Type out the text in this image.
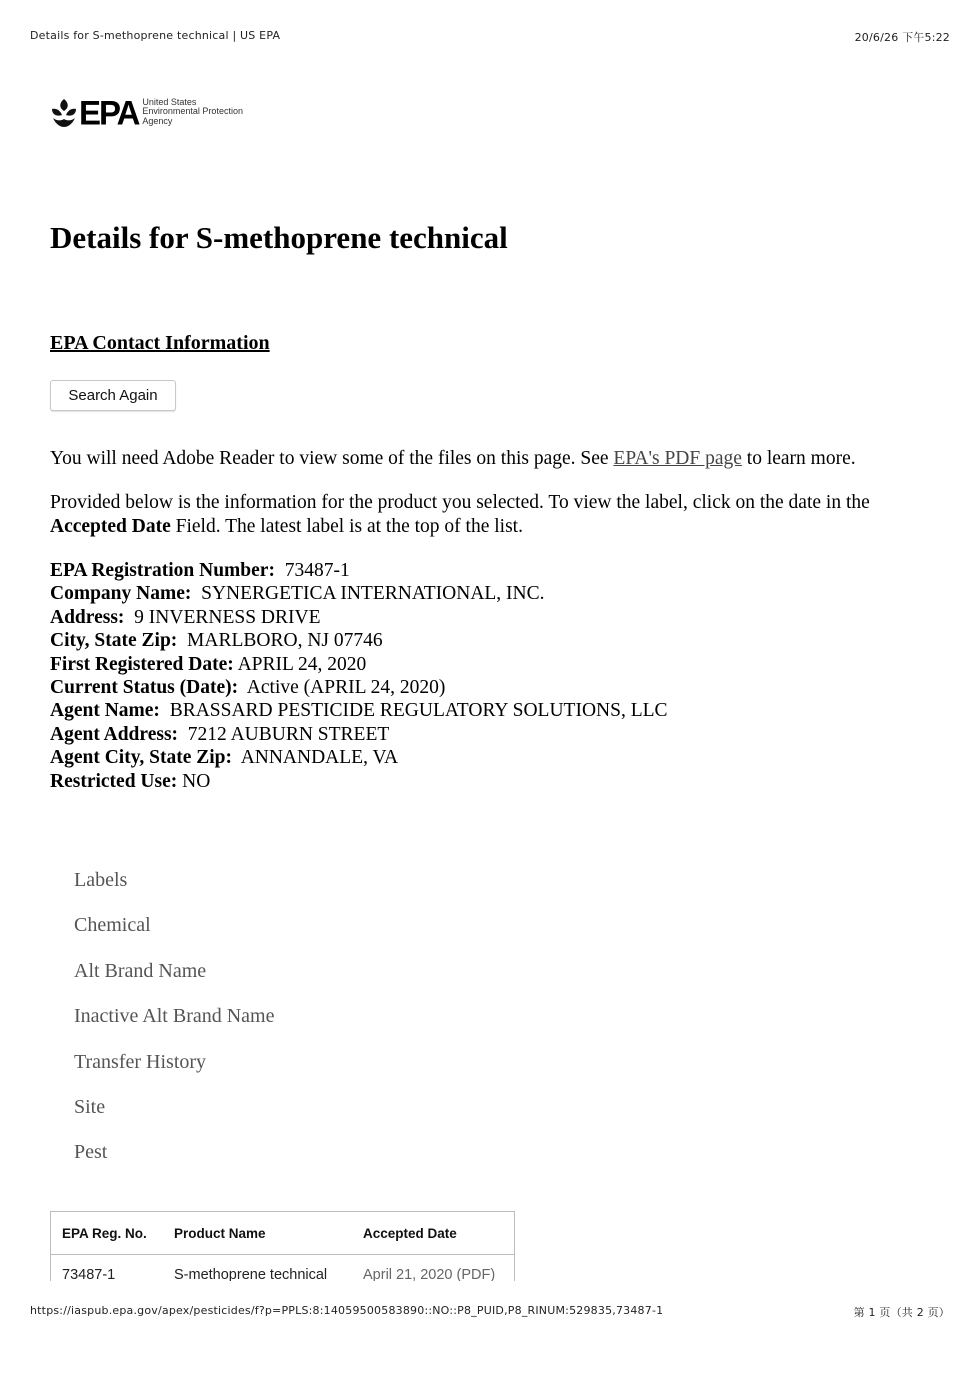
Details for S-methoprene technical | US EPA	20/6/26 下午5:22
EPA United States
Environmental Protection
Agency
Details for S-methoprene technical
EPA Contact Information
Search Again

You will need Adobe Reader to view some of the files on this page. See EPA's PDF page to learn more.

Provided below is the information for the product you selected. To view the label, click on the date in the Accepted Date Field. The latest label is at the top of the list.

EPA Registration Number: 73487-1
Company Name: SYNERGETICA INTERNATIONAL, INC.
Address: 9 INVERNESS DRIVE
City, State Zip: MARLBORO, NJ 07746
First Registered Date: APRIL 24, 2020
Current Status (Date): Active (APRIL 24, 2020)
Agent Name: BRASSARD PESTICIDE REGULATORY SOLUTIONS, LLC
Agent Address: 7212 AUBURN STREET
Agent City, State Zip: ANNANDALE, VA
Restricted Use: NO
Labels
Chemical
Alt Brand Name
Inactive Alt Brand Name
Transfer History
Site
Pest
EPA Reg. No.	Product Name	Accepted Date
73487-1	S-methoprene technical	April 21, 2020 (PDF)
https://iaspub.epa.gov/apex/pesticides/f?p=PPLS:8:14059500583890::NO::P8_PUID,P8_RINUM:529835,73487-1	第 1 页（共 2 页）
